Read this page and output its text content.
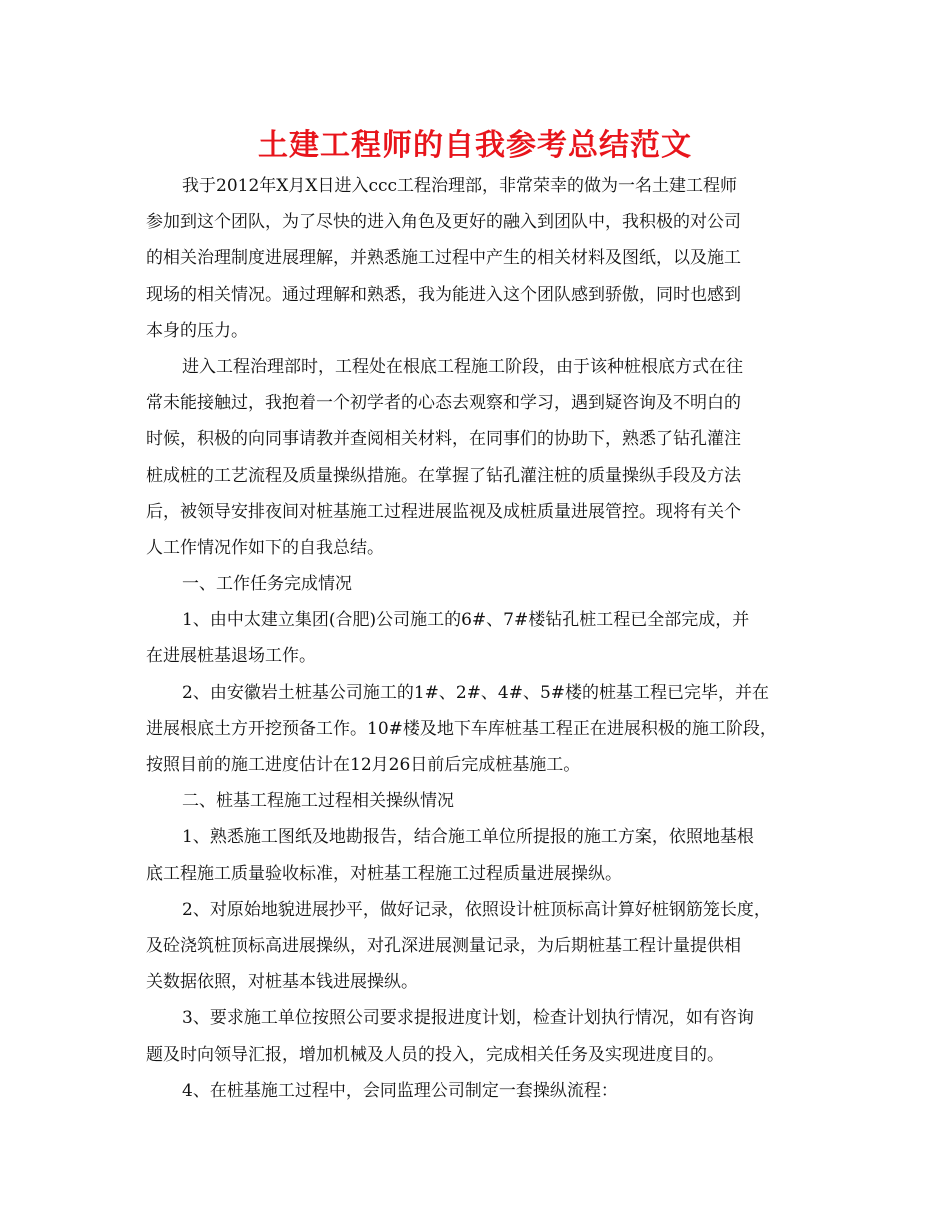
土建工程师的自我参考总结范文
我于2012年X月X日进入ccc工程治理部，非常荣幸的做为一名土建工程师
参加到这个团队，为了尽快的进入角色及更好的融入到团队中，我积极的对公司
的相关治理制度进展理解，并熟悉施工过程中产生的相关材料及图纸，以及施工
现场的相关情况。通过理解和熟悉，我为能进入这个团队感到骄傲，同时也感到
本身的压力。
进入工程治理部时，工程处在根底工程施工阶段，由于该种桩根底方式在往
常未能接触过，我抱着一个初学者的心态去观察和学习，遇到疑咨询及不明白的
时候，积极的向同事请教并查阅相关材料，在同事们的协助下，熟悉了钻孔灌注
桩成桩的工艺流程及质量操纵措施。在掌握了钻孔灌注桩的质量操纵手段及方法
后，被领导安排夜间对桩基施工过程进展监视及成桩质量进展管控。现将有关个
人工作情况作如下的自我总结。
一、工作任务完成情况
1、由中太建立集团(合肥)公司施工的6#、7#楼钻孔桩工程已全部完成，并
在进展桩基退场工作。
2、由安徽岩土桩基公司施工的1#、2#、4#、5#楼的桩基工程已完毕，并在
进展根底土方开挖预备工作。10#楼及地下车库桩基工程正在进展积极的施工阶段，
按照目前的施工进度估计在12月26日前后完成桩基施工。
二、桩基工程施工过程相关操纵情况
1、熟悉施工图纸及地勘报告，结合施工单位所提报的施工方案，依照地基根
底工程施工质量验收标准，对桩基工程施工过程质量进展操纵。
2、对原始地貌进展抄平，做好记录，依照设计桩顶标高计算好桩钢筋笼长度，
及砼浇筑桩顶标高进展操纵，对孔深进展测量记录，为后期桩基工程计量提供相
关数据依照，对桩基本钱进展操纵。
3、要求施工单位按照公司要求提报进度计划，检查计划执行情况，如有咨询
题及时向领导汇报，增加机械及人员的投入，完成相关任务及实现进度目的。
4、在桩基施工过程中，会同监理公司制定一套操纵流程：
